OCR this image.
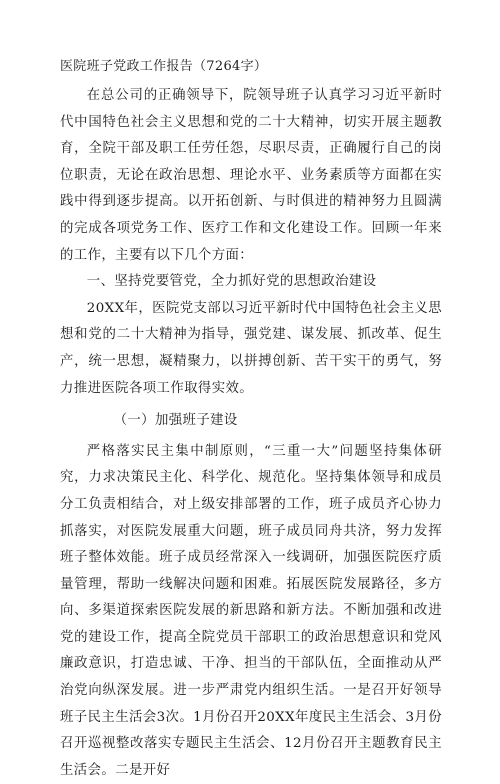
医院班子党政工作报告（7264字）

在总公司的正确领导下，院领导班子认真学习习近平新时代中国特色社会主义思想和党的二十大精神，切实开展主题教育，全院干部及职工任劳任怨，尽职尽责，正确履行自己的岗位职责，无论在政治思想、理论水平、业务素质等方面都在实践中得到逐步提高。以开拓创新、与时俱进的精神努力且圆满的完成各项党务工作、医疗工作和文化建设工作。回顾一年来的工作，主要有以下几个方面：

一、坚持党要管党，全力抓好党的思想政治建设

20XX年，医院党支部以习近平新时代中国特色社会主义思想和党的二十大精神为指导，强党建、谋发展、抓改革、促生产，统一思想，凝精聚力，以拼搏创新、苦干实干的勇气，努力推进医院各项工作取得实效。

（一）加强班子建设

严格落实民主集中制原则，“三重一大”问题坚持集体研究，力求决策民主化、科学化、规范化。坚持集体领导和成员分工负责相结合，对上级安排部署的工作，班子成员齐心协力抓落实，对医院发展重大问题，班子成员同舟共济，努力发挥班子整体效能。班子成员经常深入一线调研，加强医院医疗质量管理，帮助一线解决问题和困难。拓展医院发展路径，多方向、多渠道探索医院发展的新思路和新方法。不断加强和改进党的建设工作，提高全院党员干部职工的政治思想意识和党风廉政意识，打造忠诚、干净、担当的干部队伍，全面推动从严治党向纵深发展。进一步严肃党内组织生活。一是召开好领导班子民主生活会3次。1月份召开20XX年度民主生活会、3月份召开巡视整改落实专题民主生活会、12月份召开主题教育民主生活会。二是开好
